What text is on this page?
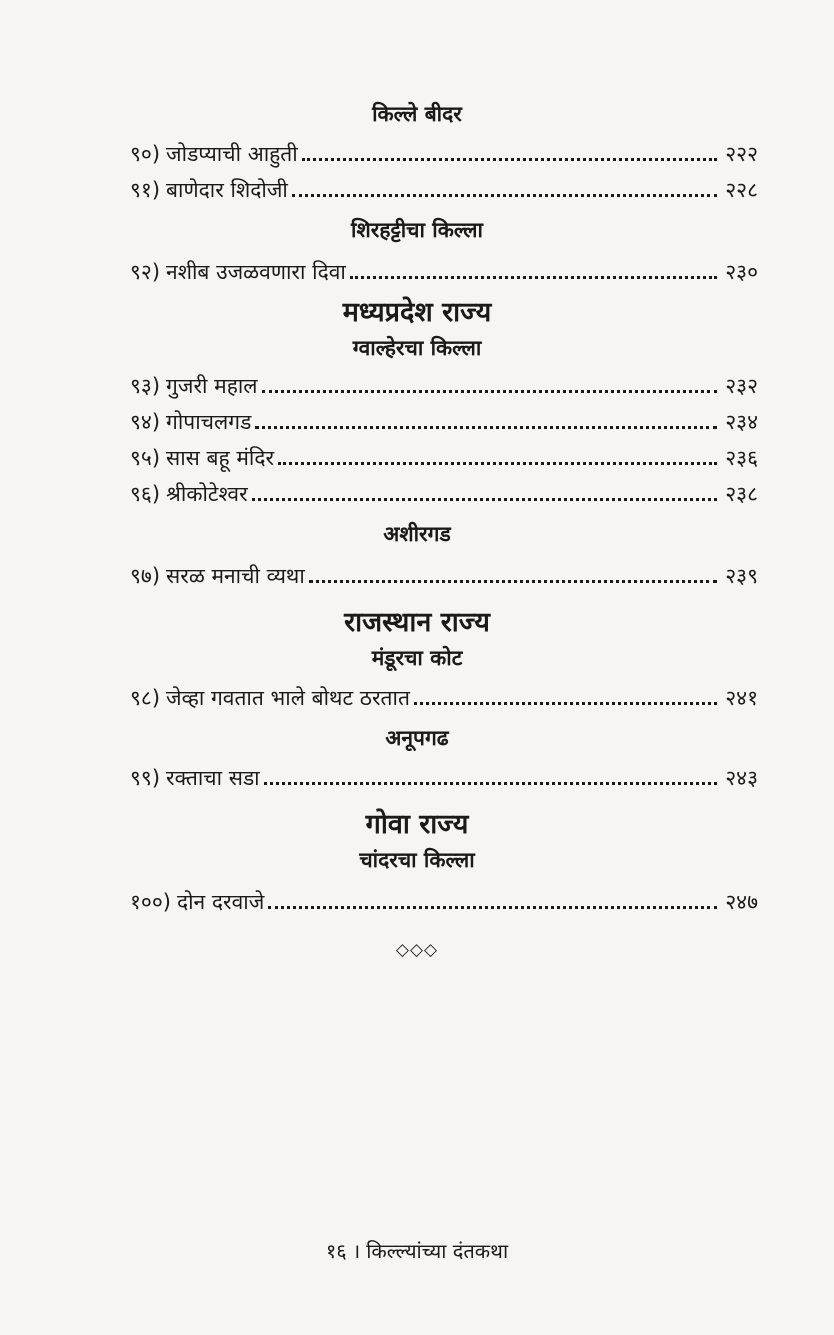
किल्ले बीदर
९०) जोडप्याची आहुती	२२२
९१) बाणेदार शिदोजी	२२८
शिरहट्टीचा किल्ला
९२) नशीब उजळवणारा दिवा	२३०
मध्यप्रदेश राज्य
ग्वाल्हेरचा किल्ला
९३) गुजरी महाल	२३२
९४) गोपाचलगड	२३४
९५) सास बहू मंदिर	२३६
९६) श्रीकोटेश्वर	२३८
अशीरगड
९७) सरळ मनाची व्यथा	२३९
राजस्थान राज्य
मंडूरचा कोट
९८) जेव्हा गवतात भाले बोथट ठरतात	२४१
अनूपगढ
९९) रक्ताचा सडा	२४३
गोवा राज्य
चांदरचा किल्ला
१००) दोन दरवाजे	२४७
◇◇◇
१६ । किल्ल्यांच्या दंतकथा
